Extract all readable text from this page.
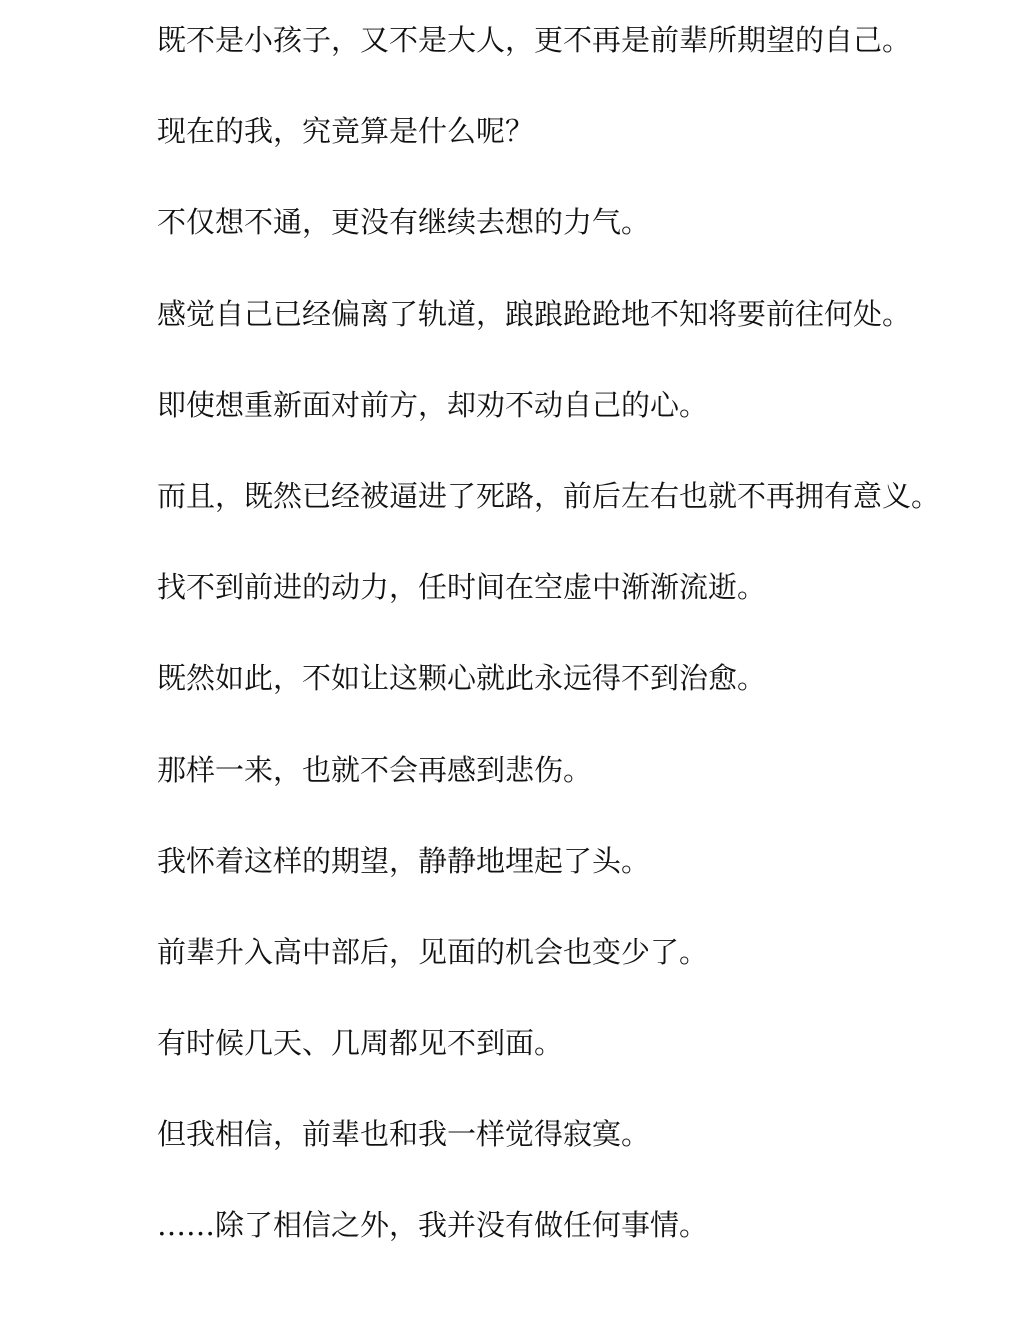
既不是小孩子，又不是大人，更不再是前辈所期望的自己。
现在的我，究竟算是什么呢？
不仅想不通，更没有继续去想的力气。
感觉自己已经偏离了轨道，踉踉跄跄地不知将要前往何处。
即使想重新面对前方，却劝不动自己的心。
而且，既然已经被逼进了死路，前后左右也就不再拥有意义。
找不到前进的动力，任时间在空虚中渐渐流逝。
既然如此，不如让这颗心就此永远得不到治愈。
那样一来，也就不会再感到悲伤。
我怀着这样的期望，静静地埋起了头。
前辈升入高中部后，见面的机会也变少了。
有时候几天、几周都见不到面。
但我相信，前辈也和我一样觉得寂寞。
……除了相信之外，我并没有做任何事情。
